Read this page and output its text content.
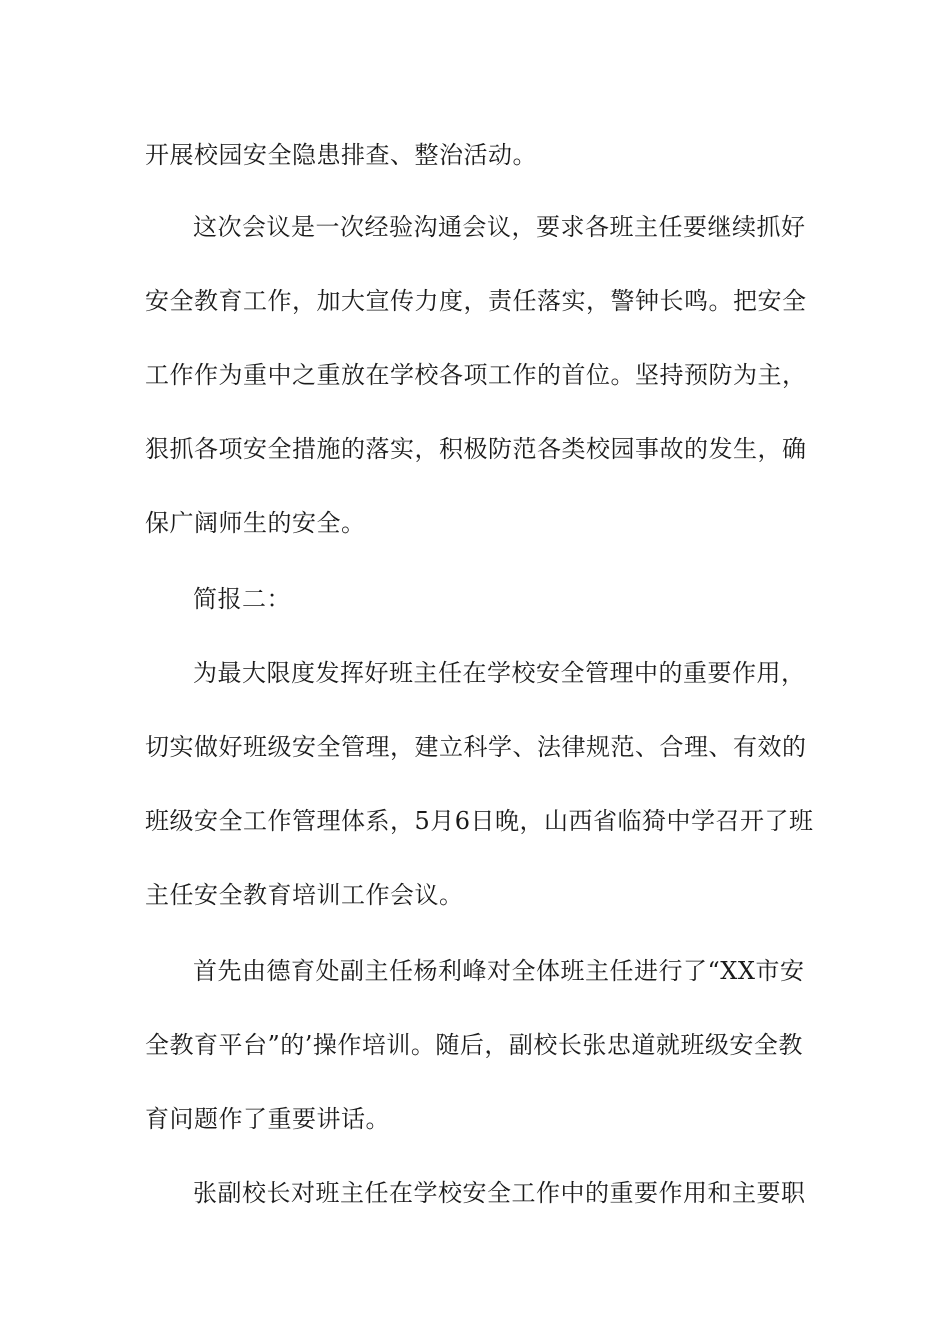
开展校园安全隐患排查、整治活动。
这次会议是一次经验沟通会议，要求各班主任要继续抓好
安全教育工作，加大宣传力度，责任落实，警钟长鸣。把安全
工作作为重中之重放在学校各项工作的首位。坚持预防为主，
狠抓各项安全措施的落实，积极防范各类校园事故的发生，确
保广阔师生的安全。
简报二：
为最大限度发挥好班主任在学校安全管理中的重要作用，
切实做好班级安全管理，建立科学、法律规范、合理、有效的
班级安全工作管理体系，5月6日晚，山西省临猗中学召开了班
主任安全教育培训工作会议。
首先由德育处副主任杨利峰对全体班主任进行了“XX市安
全教育平台”的’操作培训。随后，副校长张忠道就班级安全教
育问题作了重要讲话。
张副校长对班主任在学校安全工作中的重要作用和主要职
